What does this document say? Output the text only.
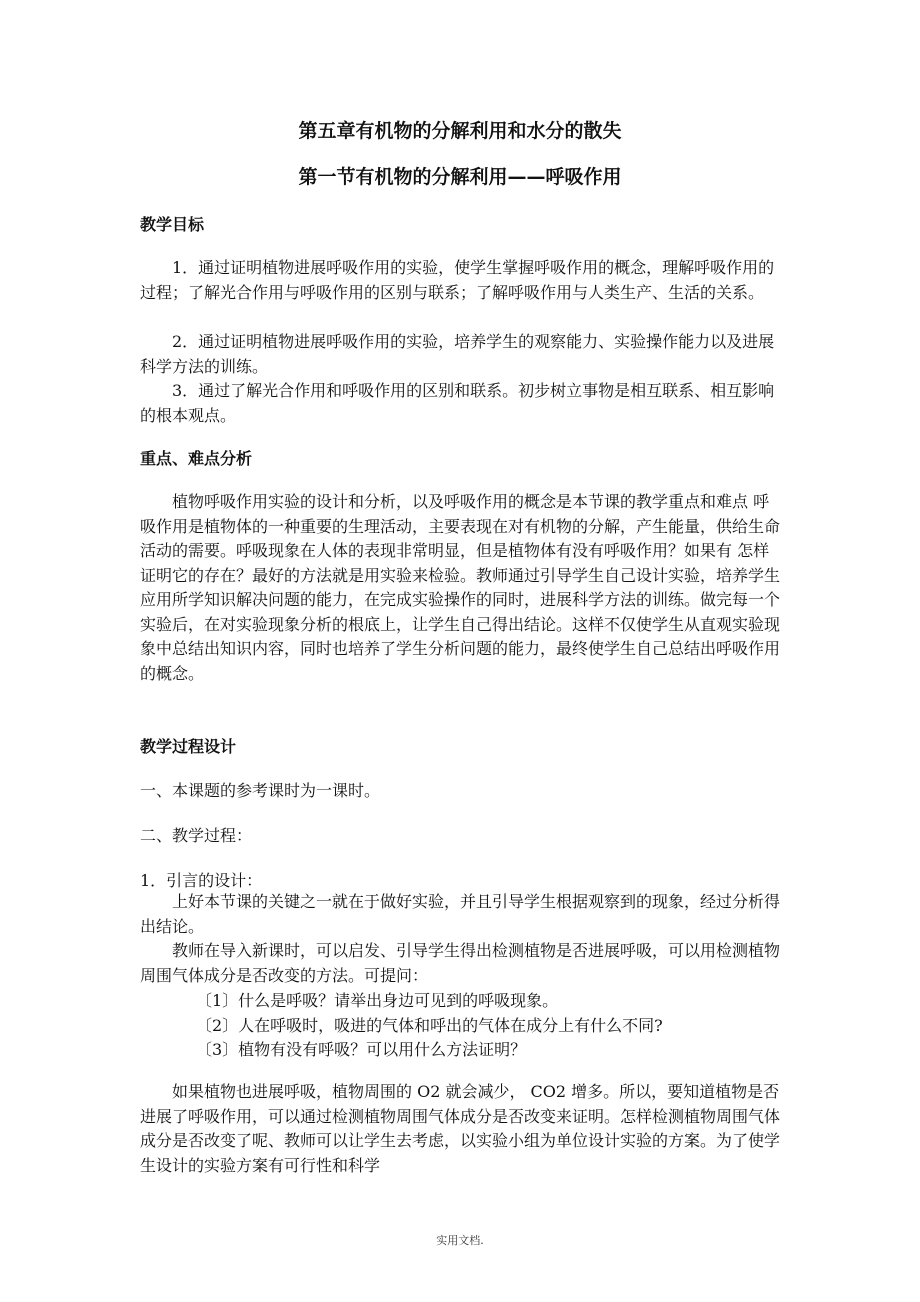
第五章有机物的分解利用和水分的散失
第一节有机物的分解利用——呼吸作用
教学目标

1．通过证明植物进展呼吸作用的实验，使学生掌握呼吸作用的概念，理解呼吸作用的过程；了解光合作用与呼吸作用的区别与联系；了解呼吸作用与人类生产、生活的关系。

2．通过证明植物进展呼吸作用的实验，培养学生的观察能力、实验操作能力以及进展科学方法的训练。

3．通过了解光合作用和呼吸作用的区别和联系。初步树立事物是相互联系、相互影响的根本观点。

重点、难点分析

植物呼吸作用实验的设计和分析，以及呼吸作用的概念是本节课的教学重点和难点 呼吸作用是植物体的一种重要的生理活动，主要表现在对有机物的分解，产生能量，供给生命活动的需要。呼吸现象在人体的表现非常明显，但是植物体有没有呼吸作用？如果有 怎样证明它的存在？最好的方法就是用实验来检验。教师通过引导学生自己设计实验，培养学生应用所学知识解决问题的能力，在完成实验操作的同时，进展科学方法的训练。做完每一个实验后，在对实验现象分析的根底上，让学生自己得出结论。这样不仅使学生从直观实验现象中总结出知识内容，同时也培养了学生分析问题的能力，最终使学生自己总结出呼吸作用的概念。

教学过程设计
一、本课题的参考课时为一课时。
二、教学过程：
1．引言的设计：

上好本节课的关键之一就在于做好实验，并且引导学生根据观察到的现象，经过分析得出结论。

教师在导入新课时，可以启发、引导学生得出检测植物是否进展呼吸，可以用检测植物周围气体成分是否改变的方法。可提问：

〔1〕什么是呼吸？请举出身边可见到的呼吸现象。
〔2〕人在呼吸时，吸进的气体和呼出的气体在成分上有什么不同?
〔3〕植物有没有呼吸？可以用什么方法证明？

如果植物也进展呼吸，植物周围的 O2 就会减少， CO2 增多。所以，要知道植物是否进展了呼吸作用，可以通过检测植物周围气体成分是否改变来证明。怎样检测植物周围气体成分是否改变了呢、教师可以让学生去考虑，以实验小组为单位设计实验的方案。为了使学生设计的实验方案有可行性和科学

实用文档.
